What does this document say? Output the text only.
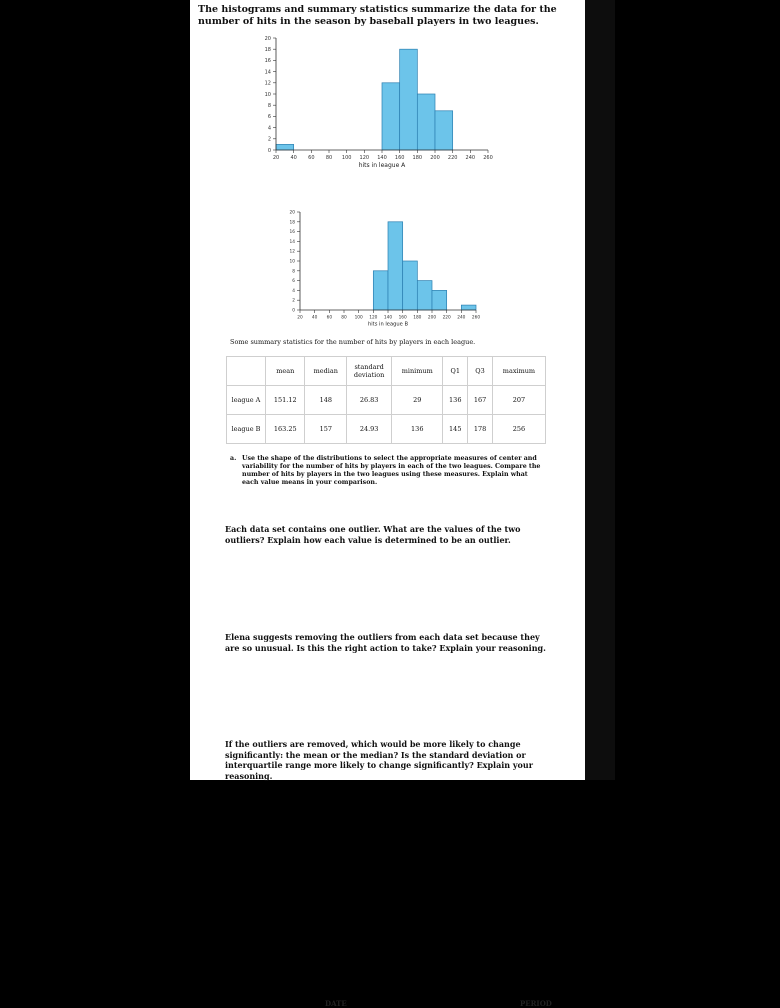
The histograms and summary statistics summarize the data for the number of hits in the season by baseball players in two leagues.
0
2
4
6
8
10
12
14
16
18
20
20 40 60 80 100 120 140 160 180 200 220 240 260
hits in league A
0
2
4
6
8
10
12
14
16
18
20
20 40 60 80 100 120 140 160 180 200 220 240 260
hits in league B
Some summary statistics for the number of hits by players in each league.
	mean	median	standard deviation	minimum	Q1	Q3	maximum
league A	151.12	148	26.83	29	136	167	207
league B	163.25	157	24.93	136	145	178	256
a. Use the shape of the distributions to select the appropriate measures of center and variability for the number of hits by players in each of the two leagues. Compare the number of hits by players in the two leagues using these measures. Explain what each value means in your comparison.
DATE	PERIOD
Each data set contains one outlier. What are the values of the two outliers? Explain how each value is determined to be an outlier.
Elena suggests removing the outliers from each data set because they are so unusual. Is this the right action to take? Explain your reasoning.
If the outliers are removed, which would be more likely to change significantly: the mean or the median? Is the standard deviation or interquartile range more likely to change significantly? Explain your reasoning.
